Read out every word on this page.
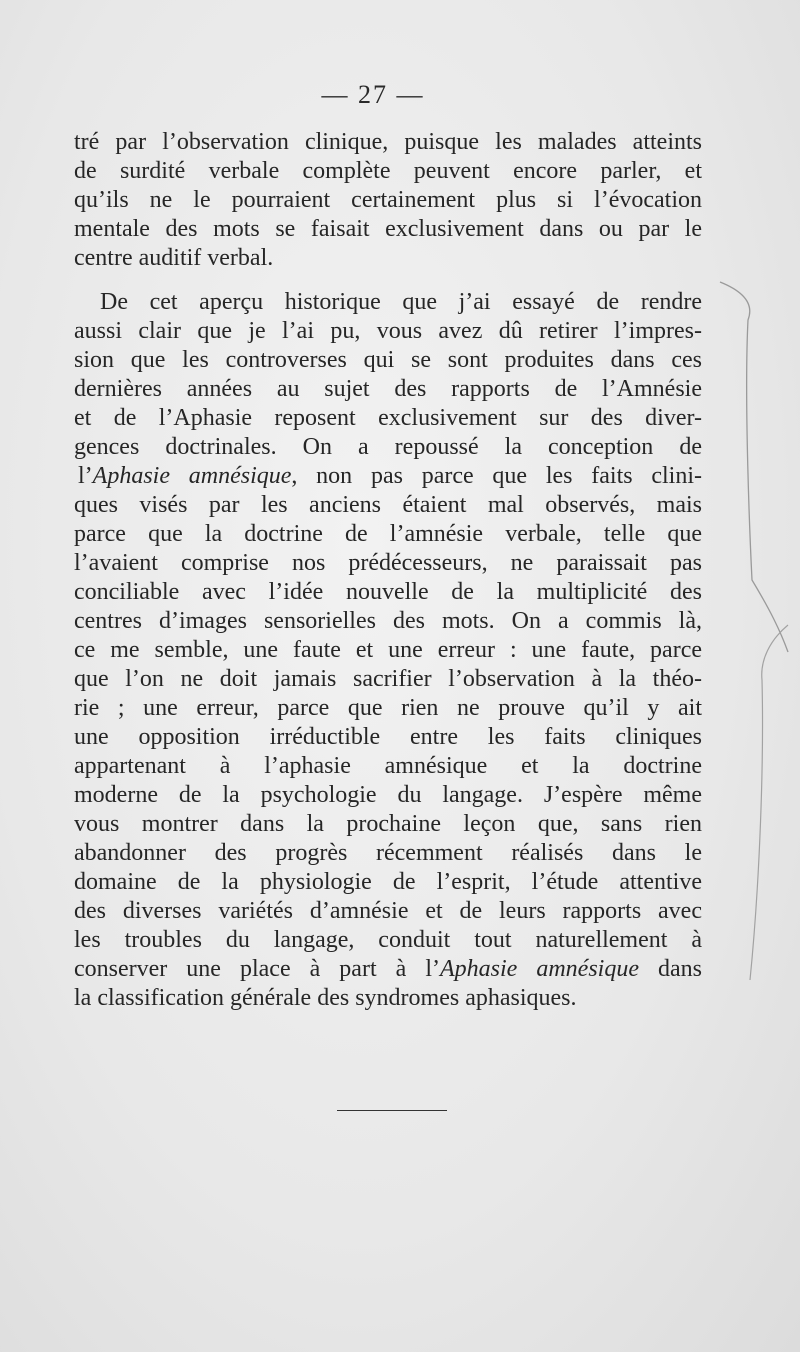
— 27 —
tré par l’observation clinique, puisque les malades atteints
de surdité verbale complète peuvent encore parler, et
qu’ils ne le pourraient certainement plus si l’évocation
mentale des mots se faisait exclusivement dans ou par le
centre auditif verbal.
De cet aperçu historique que j’ai essayé de rendre
aussi clair que je l’ai pu, vous avez dû retirer l’impres-
sion que les controverses qui se sont produites dans ces
dernières années au sujet des rapports de l’Amnésie
et de l’Aphasie reposent exclusivement sur des diver-
gences doctrinales. On a repoussé la conception de
l’Aphasie amnésique, non pas parce que les faits clini-
ques visés par les anciens étaient mal observés, mais
parce que la doctrine de l’amnésie verbale, telle que
l’avaient comprise nos prédécesseurs, ne paraissait pas
conciliable avec l’idée nouvelle de la multiplicité des
centres d’images sensorielles des mots. On a commis là,
ce me semble, une faute et une erreur : une faute, parce
que l’on ne doit jamais sacrifier l’observation à la théo-
rie ; une erreur, parce que rien ne prouve qu’il y ait
une opposition irréductible entre les faits cliniques
appartenant à l’aphasie amnésique et la doctrine
moderne de la psychologie du langage. J’espère même
vous montrer dans la prochaine leçon que, sans rien
abandonner des progrès récemment réalisés dans le
domaine de la physiologie de l’esprit, l’étude attentive
des diverses variétés d’amnésie et de leurs rapports avec
les troubles du langage, conduit tout naturellement à
conserver une place à part à l’Aphasie amnésique dans
la classification générale des syndromes aphasiques.
